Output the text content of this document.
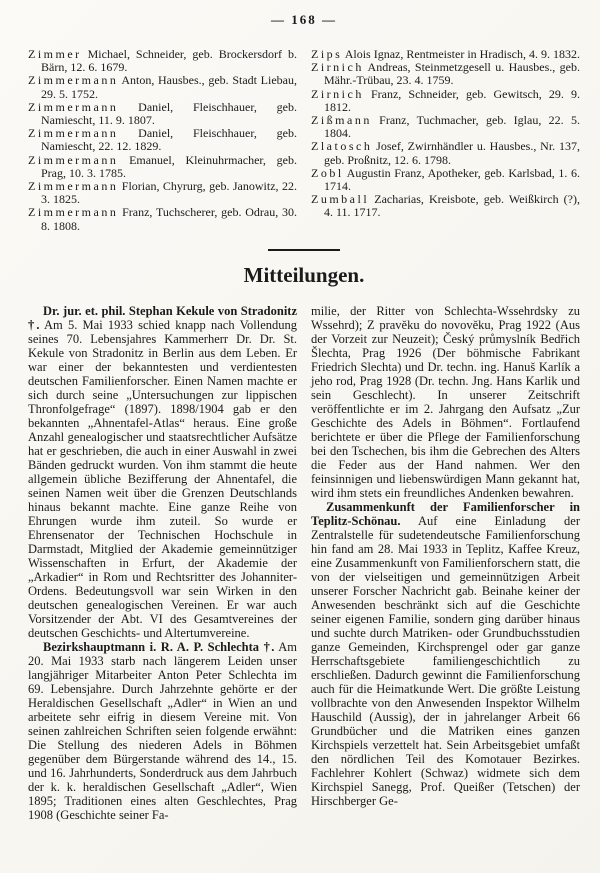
— 168 —

Zimmer Michael, Schneider, geb. Brockersdorf b. Bärn, 12. 6. 1679.

Zimmermann Anton, Hausbes., geb. Stadt Liebau, 29. 5. 1752.

Zimmermann Daniel, Fleischhauer, geb. Namiescht, 11. 9. 1807.

Zimmermann Daniel, Fleischhauer, geb. Namiescht, 22. 12. 1829.

Zimmermann Emanuel, Kleinuhrmacher, geb. Prag, 10. 3. 1785.

Zimmermann Florian, Chyrurg, geb. Janowitz, 22. 3. 1825.

Zimmermann Franz, Tuchscherer, geb. Odrau, 30. 8. 1808.

Zips Alois Ignaz, Rentmeister in Hradisch, 4. 9. 1832.

Zirnich Andreas, Steinmetzgesell u. Hausbes., geb. Mähr.-Trübau, 23. 4. 1759.

Zirnich Franz, Schneider, geb. Gewitsch, 29. 9. 1812.

Zißmann Franz, Tuchmacher, geb. Iglau, 22. 5. 1804.

Zlatosch Josef, Zwirnhändler u. Hausbes., Nr. 137, geb. Proßnitz, 12. 6. 1798.

Zobl Augustin Franz, Apotheker, geb. Karlsbad, 1. 6. 1714.

Zumball Zacharias, Kreisbote, geb. Weißkirch (?), 4. 11. 1717.

Mitteilungen.

Dr. jur. et. phil. Stephan Kekule von Stradonitz †. Am 5. Mai 1933 schied knapp nach Vollendung seines 70. Lebensjahres Kammerherr Dr. Dr. St. Kekule von Stradonitz in Berlin aus dem Leben. Er war einer der bekanntesten und verdientesten deutschen Familienforscher. Einen Namen machte er sich durch seine „Untersuchungen zur lippischen Thronfolgefrage“ (1897). 1898/1904 gab er den bekannten „Ahnentafel-Atlas“ heraus. Eine große Anzahl genealogischer und staatsrechtlicher Aufsätze hat er geschrieben, die auch in einer Auswahl in zwei Bänden gedruckt wurden. Von ihm stammt die heute allgemein übliche Bezifferung der Ahnentafel, die seinen Namen weit über die Grenzen Deutschlands hinaus bekannt machte. Eine ganze Reihe von Ehrungen wurde ihm zuteil. So wurde er Ehrensenator der Technischen Hochschule in Darmstadt, Mitglied der Akademie gemeinnütziger Wissenschaften in Erfurt, der Akademie der „Arkadier“ in Rom und Rechtsritter des Johanniter-Ordens. Bedeutungsvoll war sein Wirken in den deutschen genealogischen Vereinen. Er war auch Vorsitzender der Abt. VI des Gesamtvereines der deutschen Geschichts- und Altertumvereine.

Bezirkshauptmann i. R. A. P. Schlechta †. Am 20. Mai 1933 starb nach längerem Leiden unser langjähriger Mitarbeiter Anton Peter Schlechta im 69. Lebensjahre. Durch Jahrzehnte gehörte er der Heraldischen Gesellschaft „Adler“ in Wien an und arbeitete sehr eifrig in diesem Vereine mit. Von seinen zahlreichen Schriften seien folgende erwähnt: Die Stellung des niederen Adels in Böhmen gegenüber dem Bürgerstande während des 14., 15. und 16. Jahrhunderts, Sonderdruck aus dem Jahrbuch der k. k. heraldischen Gesellschaft „Adler“, Wien 1895; Traditionen eines alten Geschlechtes, Prag 1908 (Geschichte seiner Fa-

milie, der Ritter von Schlechta-Wssehrdsky zu Wssehrd); Z pravěku do novověku, Prag 1922 (Aus der Vorzeit zur Neuzeit); Český průmyslník Bedřich Šlechta, Prag 1926 (Der böhmische Fabrikant Friedrich Slechta) und Dr. techn. ing. Hanuš Karlík a jeho rod, Prag 1928 (Dr. techn. Jng. Hans Karlik und sein Geschlecht). In unserer Zeitschrift veröffentlichte er im 2. Jahrgang den Aufsatz „Zur Geschichte des Adels in Böhmen“. Fortlaufend berichtete er über die Pflege der Familienforschung bei den Tschechen, bis ihm die Gebrechen des Alters die Feder aus der Hand nahmen. Wer den feinsinnigen und liebenswürdigen Mann gekannt hat, wird ihm stets ein freundliches Andenken bewahren.

Zusammenkunft der Familienforscher in Teplitz-Schönau. Auf eine Einladung der Zentralstelle für sudetendeutsche Familienforschung hin fand am 28. Mai 1933 in Teplitz, Kaffee Kreuz, eine Zusammenkunft von Familienforschern statt, die von der vielseitigen und gemeinnützigen Arbeit unserer Forscher Nachricht gab. Beinahe keiner der Anwesenden beschränkt sich auf die Geschichte seiner eigenen Familie, sondern ging darüber hinaus und suchte durch Matriken- oder Grundbuchsstudien ganze Gemeinden, Kirchsprengel oder gar ganze Herrschaftsgebiete familiengeschichtlich zu erschließen. Dadurch gewinnt die Familienforschung auch für die Heimatkunde Wert. Die größte Leistung vollbrachte von den Anwesenden Inspektor Wilhelm Hauschild (Aussig), der in jahrelanger Arbeit 66 Grundbücher und die Matriken eines ganzen Kirchspiels verzettelt hat. Sein Arbeitsgebiet umfaßt den nördlichen Teil des Komotauer Bezirkes. Fachlehrer Kohlert (Schwaz) widmete sich dem Kirchspiel Sanegg, Prof. Queißer (Tetschen) der Hirschberger Ge-
